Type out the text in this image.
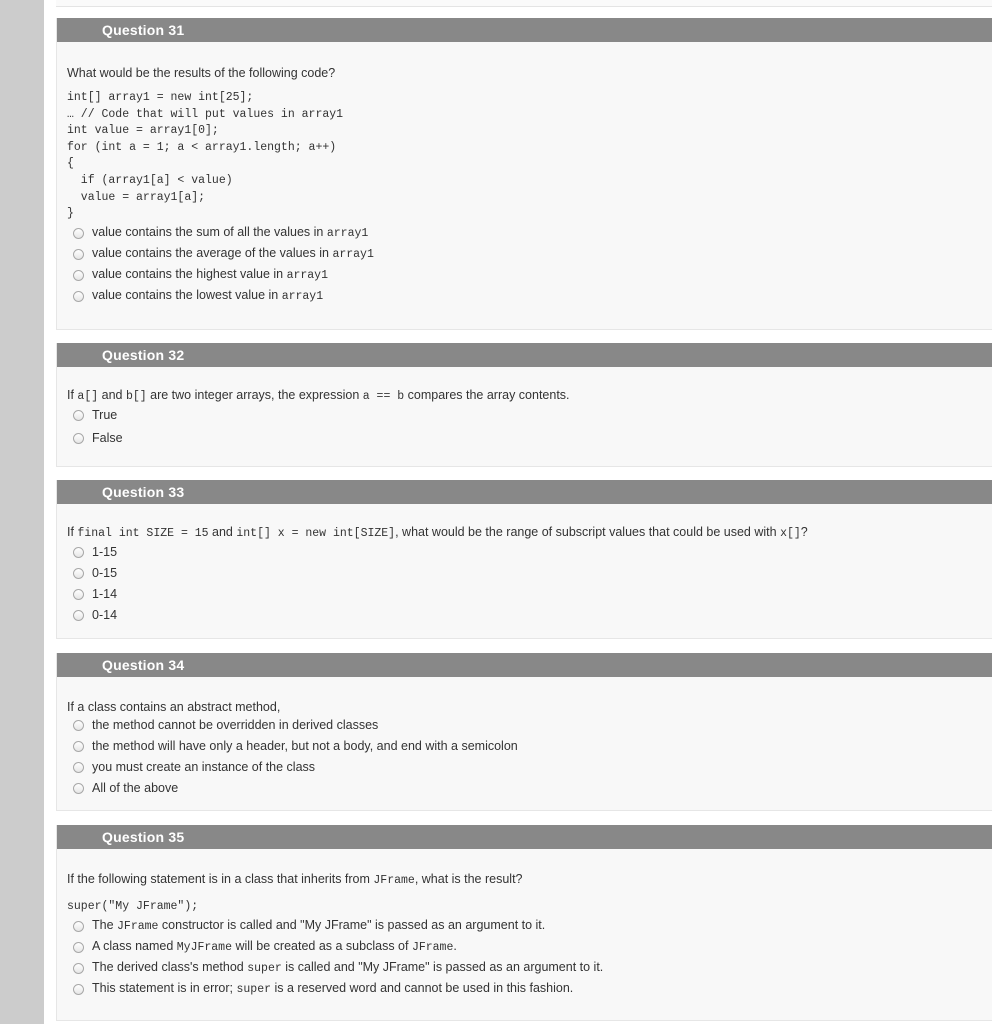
Question 31
What would be the results of the following code?
int[] array1 = new int[25];
… // Code that will put values in array1
int value = array1[0];
for (int a = 1; a < array1.length; a++)
{
if (array1[a] < value)
value = array1[a];
}
value contains the sum of all the values in array1
value contains the average of the values in array1
value contains the highest value in array1
value contains the lowest value in array1
Question 32
If a[] and b[] are two integer arrays, the expression a == b compares the array contents.
True
False
Question 33
If final int SIZE = 15 and int[] x = new int[SIZE], what would be the range of subscript values that could be used with x[]?
1-15
0-15
1-14
0-14
Question 34
If a class contains an abstract method,
the method cannot be overridden in derived classes
the method will have only a header, but not a body, and end with a semicolon
you must create an instance of the class
All of the above
Question 35
If the following statement is in a class that inherits from JFrame, what is the result?
super("My JFrame");
The JFrame constructor is called and "My JFrame" is passed as an argument to it.
A class named MyJFrame will be created as a subclass of JFrame.
The derived class's method super is called and "My JFrame" is passed as an argument to it.
This statement is in error; super is a reserved word and cannot be used in this fashion.
